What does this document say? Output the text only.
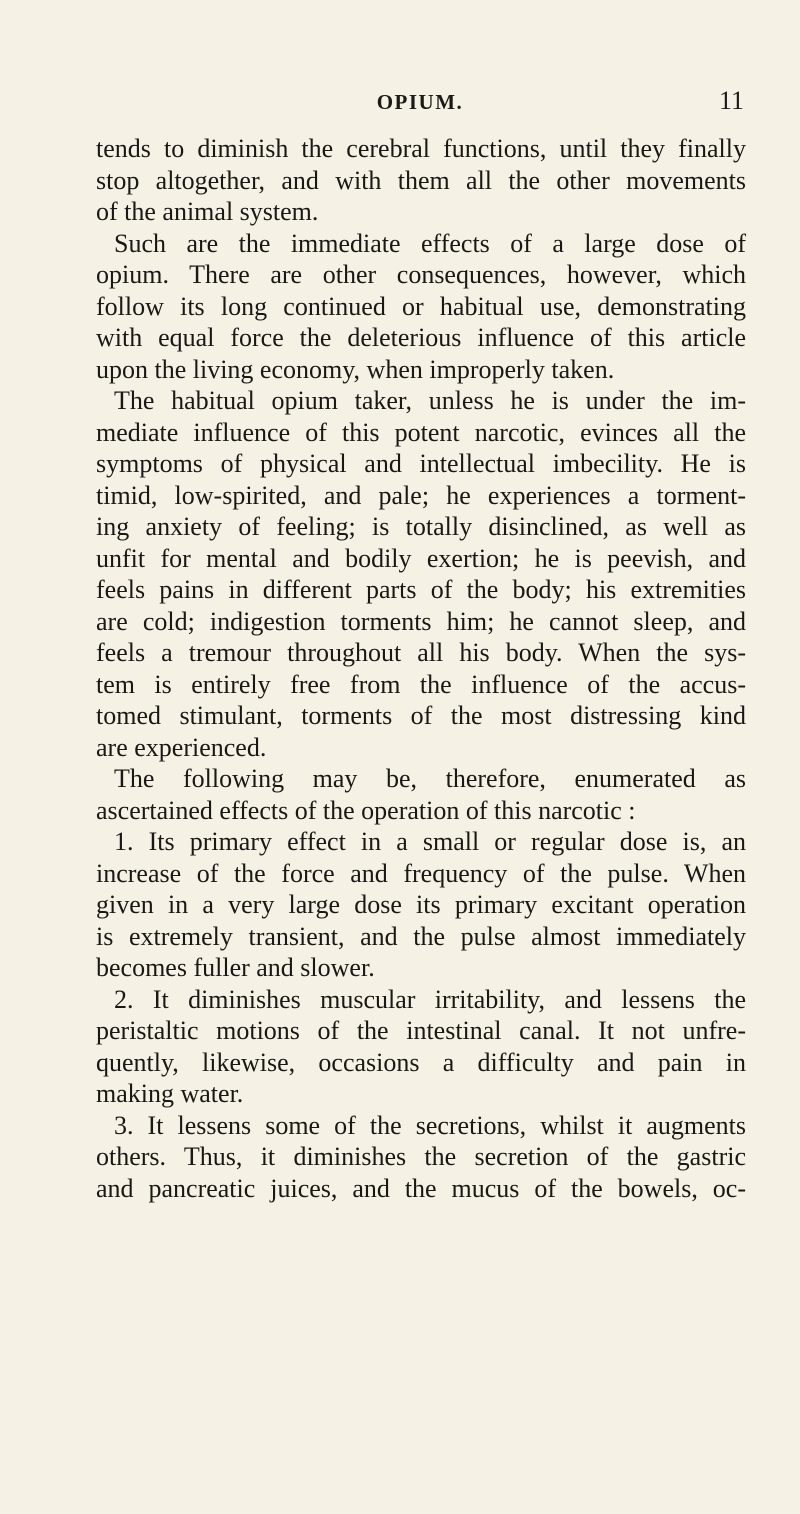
OPIUM.	11
tends to diminish the cerebral functions, until they finally
stop altogether, and with them all the other movements
of the animal system.
Such are the immediate effects of a large dose of
opium. There are other consequences, however, which
follow its long continued or habitual use, demonstrating
with equal force the deleterious influence of this article
upon the living economy, when improperly taken.
The habitual opium taker, unless he is under the im-
mediate influence of this potent narcotic, evinces all the
symptoms of physical and intellectual imbecility. He is
timid, low-spirited, and pale; he experiences a torment-
ing anxiety of feeling; is totally disinclined, as well as
unfit for mental and bodily exertion; he is peevish, and
feels pains in different parts of the body; his extremities
are cold; indigestion torments him; he cannot sleep, and
feels a tremour throughout all his body. When the sys-
tem is entirely free from the influence of the accus-
tomed stimulant, torments of the most distressing kind
are experienced.
The following may be, therefore, enumerated as
ascertained effects of the operation of this narcotic :
1. Its primary effect in a small or regular dose is, an
increase of the force and frequency of the pulse. When
given in a very large dose its primary excitant operation
is extremely transient, and the pulse almost immediately
becomes fuller and slower.
2. It diminishes muscular irritability, and lessens the
peristaltic motions of the intestinal canal. It not unfre-
quently, likewise, occasions a difficulty and pain in
making water.
3. It lessens some of the secretions, whilst it augments
others. Thus, it diminishes the secretion of the gastric
and pancreatic juices, and the mucus of the bowels, oc-
